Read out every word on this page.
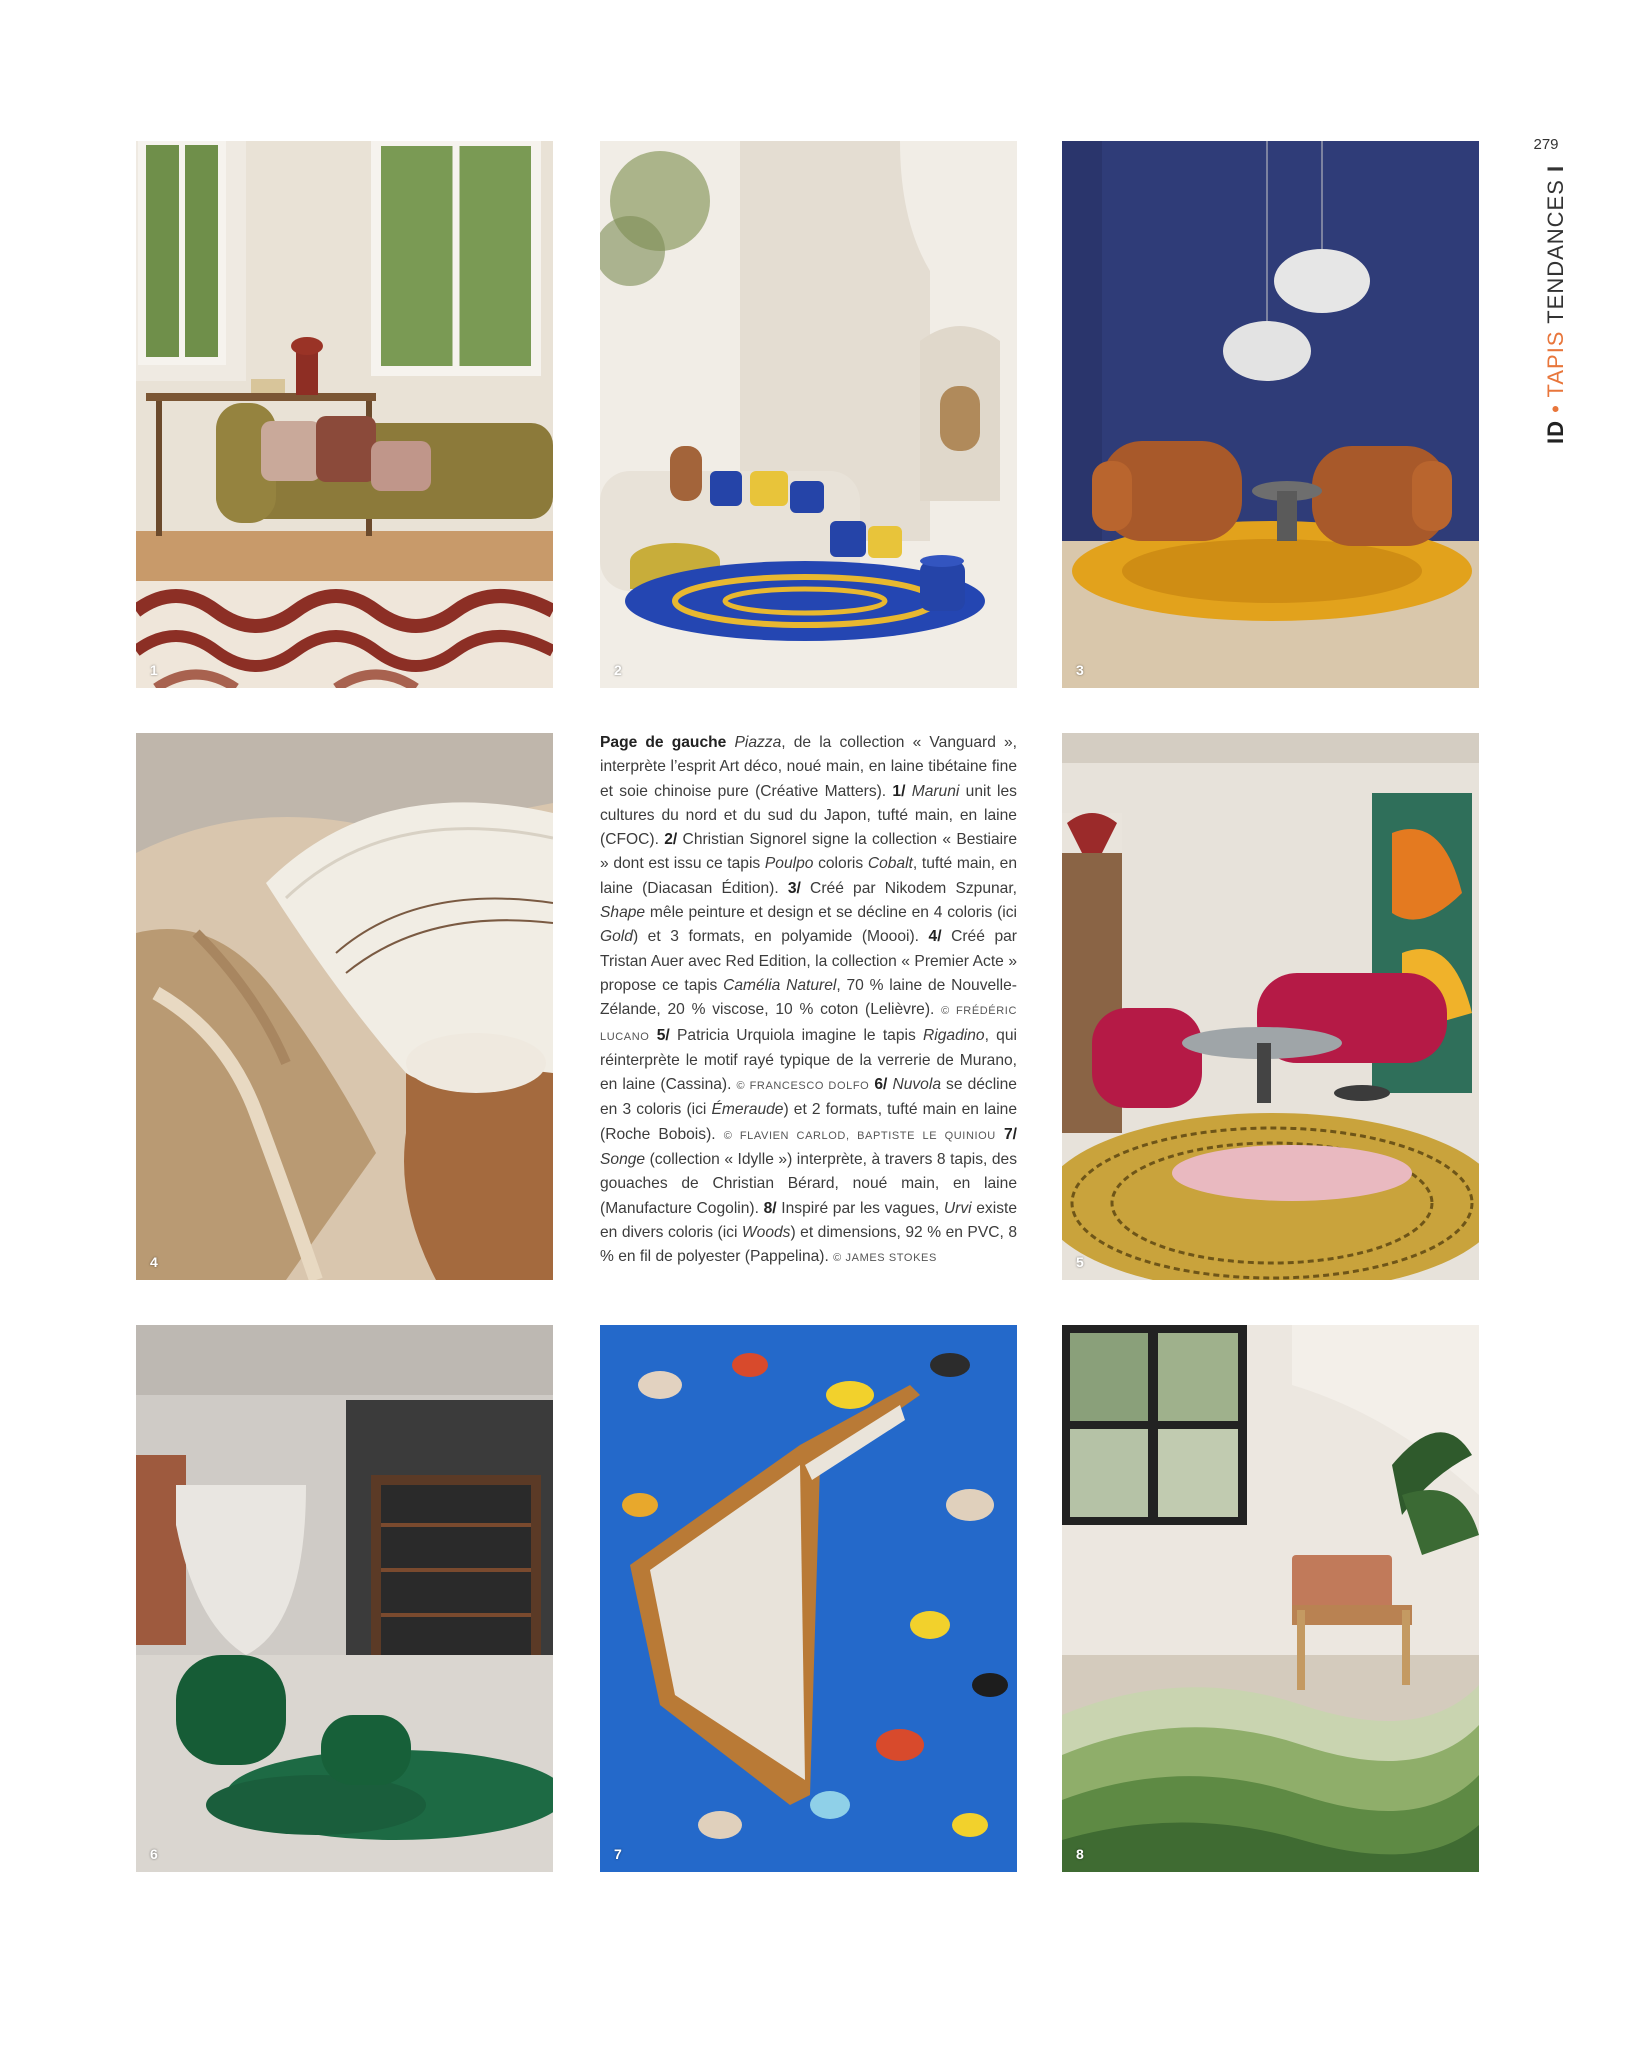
1	2	3
4
Page de gauche Piazza, de la collection « Vanguard », interprète l’esprit Art déco, noué main, en laine tibétaine fine et soie chinoise pure (Créative Matters). 1/ Maruni unit les cultures du nord et du sud du Japon, tufté main, en laine (CFOC). 2/ Christian Signorel signe la collection « Bestiaire » dont est issu ce tapis Poulpo coloris Cobalt, tufté main, en laine (Diacasan Édition). 3/ Créé par Nikodem Szpunar, Shape mêle peinture et design et se décline en 4 coloris (ici Gold) et 3 formats, en polyamide (Moooi). 4/ Créé par Tristan Auer avec Red Edition, la collection « Premier Acte » propose ce tapis Camélia Naturel, 70 % laine de Nouvelle-Zélande, 20 % viscose, 10 % coton (Lelièvre). © FRÉDÉRIC LUCANO 5/ Patricia Urquiola imagine le tapis Rigadino, qui réinterprète le motif rayé typique de la verrerie de Murano, en laine (Cassina). © FRANCESCO DOLFO 6/ Nuvola se décline en 3 coloris (ici Émeraude) et 2 formats, tufté main en laine (Roche Bobois). © FLAVIEN CARLOD, BAPTISTE LE QUINIOU 7/ Songe (collection « Idylle ») interprète, à travers 8 tapis, des gouaches de Christian Bérard, noué main, en laine (Manufacture Cogolin). 8/ Inspiré par les vagues, Urvi existe en divers coloris (ici Woods) et dimensions, 92 % en PVC, 8 % en fil de polyester (Pappelina). © JAMES STOKES	5
6	7	8
279
ID • TAPIS TENDANCES I
